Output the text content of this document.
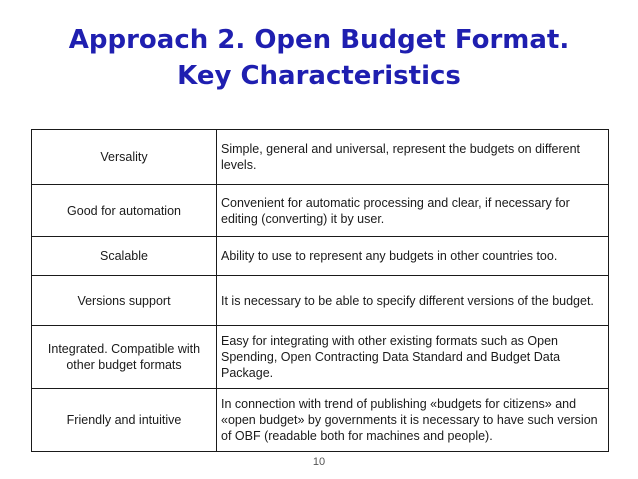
Approach 2. Open Budget Format.
Key Characteristics
Versality	Simple, general and universal, represent the budgets on different levels.
Good for automation	Convenient for automatic processing and clear, if necessary for editing (converting) it by user.
Scalable	Ability to use to represent any budgets in other countries too.
Versions support	It is necessary to be able to specify different versions of the budget.
Integrated. Compatible with other budget formats	Easy for integrating with other existing formats such as Open Spending, Open Contracting Data Standard and Budget Data Package.
Friendly and intuitive	In connection with trend of publishing «budgets for citizens» and «open budget» by governments it is necessary to have such version of OBF (readable both for machines and people).
10
